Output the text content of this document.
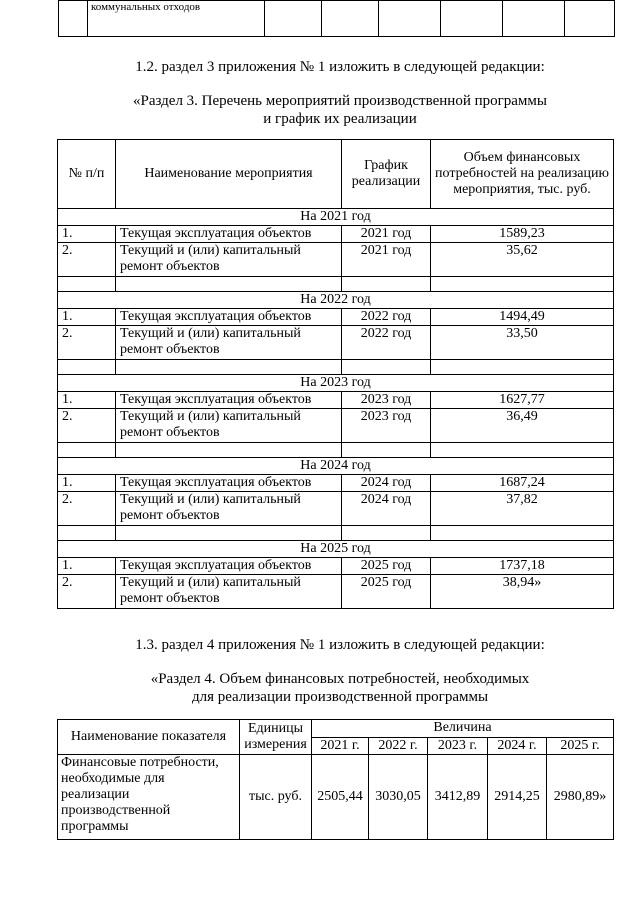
	коммунальных отходов						
1.2. раздел 3 приложения № 1 изложить в следующей редакции:
«Раздел 3. Перечень мероприятий производственной программы
и график их реализации
№ п/п	Наименование мероприятия	График реализации	Объем финансовых потребностей на реализацию мероприятия, тыс. руб.
На 2021 год			
1.	Текущая эксплуатация объектов	2021 год	1589,23
2.	Текущий и (или) капитальный ремонт объектов	2021 год	35,62

На 2022 год			
1.	Текущая эксплуатация объектов	2022 год	1494,49
2.	Текущий и (или) капитальный ремонт объектов	2022 год	33,50

На 2023 год			
1.	Текущая эксплуатация объектов	2023 год	1627,77
2.	Текущий и (или) капитальный ремонт объектов	2023 год	36,49

На 2024 год			
1.	Текущая эксплуатация объектов	2024 год	1687,24
2.	Текущий и (или) капитальный ремонт объектов	2024 год	37,82

На 2025 год			
1.	Текущая эксплуатация объектов	2025 год	1737,18
2.	Текущий и (или) капитальный ремонт объектов	2025 год	38,94»
1.3. раздел 4 приложения № 1 изложить в следующей редакции:
«Раздел 4. Объем финансовых потребностей, необходимых
для реализации производственной программы
Наименование показателя	Единицы измерения	Величина				
		2021 г.	2022 г.	2023 г.	2024 г.	2025 г.
Финансовые потребности, необходимые для реализации производственной программы	тыс. руб.	2505,44	3030,05	3412,89	2914,25	2980,89»
